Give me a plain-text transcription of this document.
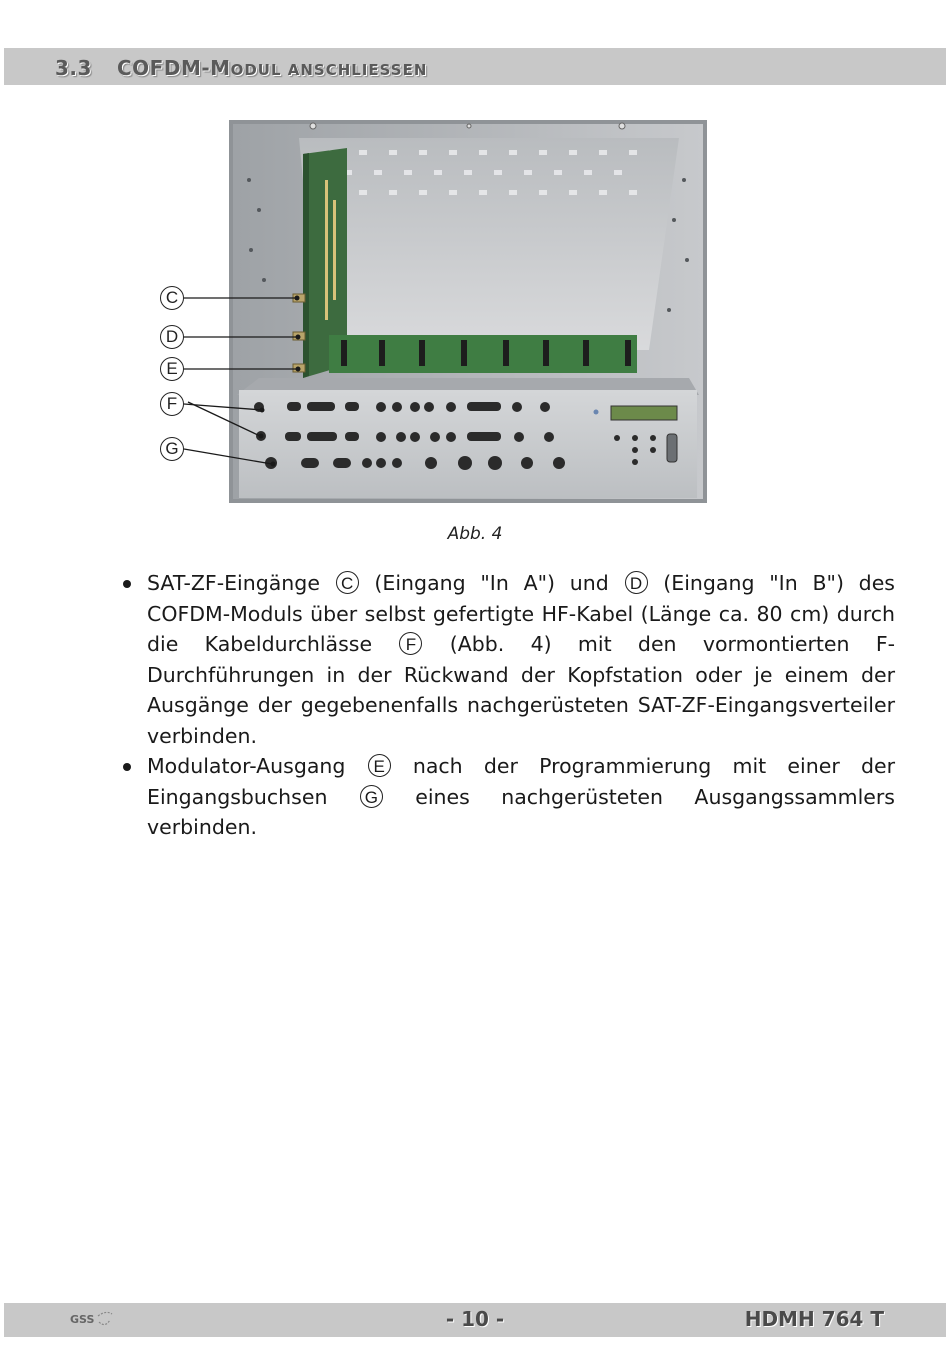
3.3 COFDM-MODUL ANSCHLIESSEN
C
D
E
F
G
Abb. 4
SAT-ZF-Eingänge C (Eingang "In A") und D (Eingang "In B") des COFDM-Moduls über selbst gefertigte HF-Kabel (Länge ca. 80 cm) durch die Kabeldurchlässe F (Abb. 4) mit den vormontierten F-Durchführungen in der Rückwand der Kopfstation oder je einem der Ausgänge der gegebenenfalls nachgerüsteten SAT-ZF-Eingangsverteiler verbinden.
Modulator-Ausgang E nach der Programmierung mit einer der Eingangsbuchsen G eines nachgerüsteten Ausgangssammlers verbinden.
GSS	- 10 -	HDMH 764 T
